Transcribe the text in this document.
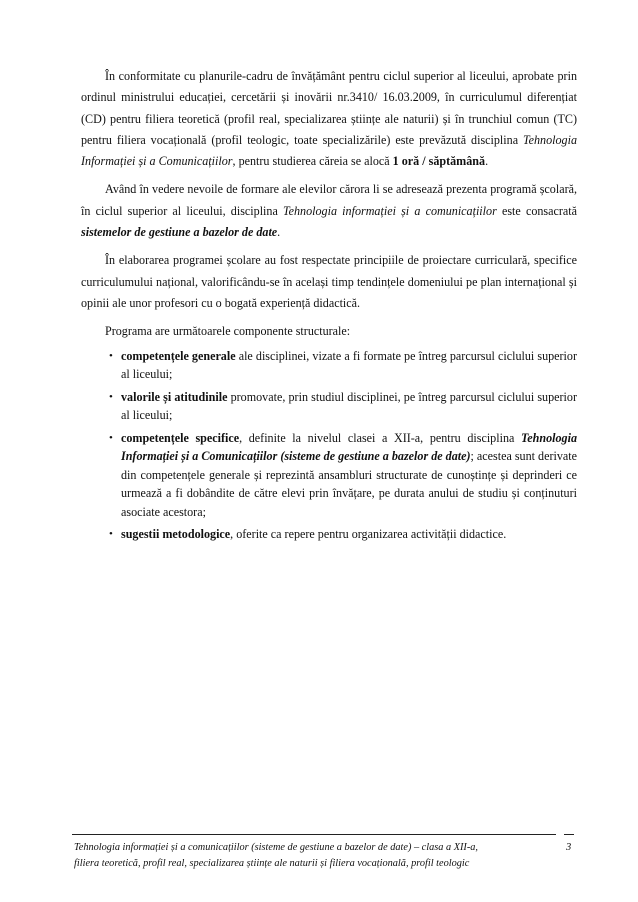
În conformitate cu planurile-cadru de învățământ pentru ciclul superior al liceului, aprobate prin ordinul ministrului educației, cercetării și inovării nr.3410/ 16.03.2009, în curriculumul diferențiat (CD) pentru filiera teoretică (profil real, specializarea științe ale naturii) și în trunchiul comun (TC) pentru filiera vocațională (profil teologic, toate specializările) este prevăzută disciplina Tehnologia Informației și a Comunicațiilor, pentru studierea căreia se alocă 1 oră / săptămână.

Având în vedere nevoile de formare ale elevilor cărora li se adresează prezenta programă școlară, în ciclul superior al liceului, disciplina Tehnologia informației și a comunicațiilor este consacrată sistemelor de gestiune a bazelor de date.

În elaborarea programei școlare au fost respectate principiile de proiectare curriculară, specifice curriculumului național, valorificându-se în același timp tendințele domeniului pe plan internațional și opinii ale unor profesori cu o bogată experiență didactică.

Programa are următoarele componente structurale:

• competențele generale ale disciplinei, vizate a fi formate pe întreg parcursul ciclului superior al liceului;
• valorile și atitudinile promovate, prin studiul disciplinei, pe întreg parcursul ciclului superior al liceului;
• competențele specifice, definite la nivelul clasei a XII-a, pentru disciplina Tehnologia Informației și a Comunicațiilor (sisteme de gestiune a bazelor de date); acestea sunt derivate din competențele generale și reprezintă ansambluri structurate de cunoștințe și deprinderi ce urmează a fi dobândite de către elevi prin învățare, pe durata anului de studiu și conținuturi asociate acestora;
• sugestii metodologice, oferite ca repere pentru organizarea activității didactice.
Tehnologia informației și a comunicațiilor (sisteme de gestiune a bazelor de date) – clasa a XII-a,
filiera teoretică, profil real, specializarea științe ale naturii și filiera vocațională, profil teologic
3
